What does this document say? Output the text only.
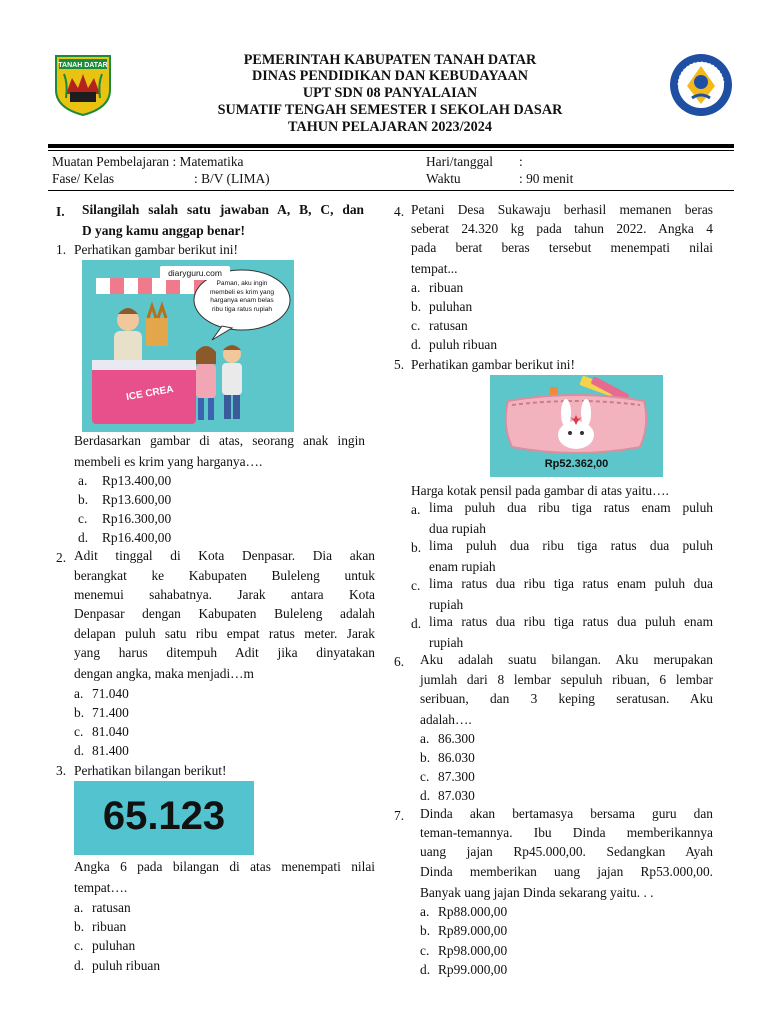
TANAH DATAR	PEMERINTAH KABUPATEN TANAH DATAR
DINAS PENDIDIKAN DAN KEBUDAYAAN
UPT SDN 08 PANYALAIAN
SUMATIF TENGAH SEMESTER I SEKOLAH DASAR
TAHUN PELAJARAN 2023/2024
Muatan Pembelajaran : Matematika
Fase/ Kelas	: B/V (LIMA)
Hari/tanggal :
Waktu	: 90 menit
I. Silangilah salah satu jawaban A, B, C, dan
D yang kamu anggap benar!
1. Perhatikan gambar berikut ini!
diaryguru.com
Paman, aku ingin
membeli es krim yang
harganya enam belas
ribu tiga ratus rupiah
ICE CREA
Berdasarkan gambar di atas, seorang anak ingin
membeli es krim yang harganya….
a. Rp13.400,00
b. Rp13.600,00
c. Rp16.300,00
d. Rp16.400,00
2. Adit tinggal di Kota Denpasar. Dia akan
berangkat ke Kabupaten Buleleng untuk
menemui sahabatnya. Jarak antara Kota
Denpasar dengan Kabupaten Buleleng adalah
delapan puluh satu ribu empat ratus meter. Jarak
yang harus ditempuh Adit jika dinyatakan
dengan angka, maka menjadi…m
a. 71.040
b. 71.400
c. 81.040
d. 81.400
3. Perhatikan bilangan berikut!
65.123
Angka 6 pada bilangan di atas menempati nilai
tempat….
a. ratusan
b. ribuan
c. puluhan
d. puluh ribuan
4. Petani Desa Sukawaju berhasil memanen beras
seberat 24.320 kg pada tahun 2022. Angka 4
pada berat beras tersebut menempati nilai
tempat...
a. ribuan
b. puluhan
c. ratusan
d. puluh ribuan
5. Perhatikan gambar berikut ini!
Rp52.362,00
Harga kotak pensil pada gambar di atas yaitu….
a. lima puluh dua ribu tiga ratus enam puluh
dua rupiah
b. lima puluh dua ribu tiga ratus dua puluh
enam rupiah
c. lima ratus dua ribu tiga ratus enam puluh dua
rupiah
d. lima ratus dua ribu tiga ratus dua puluh enam
rupiah
6. Aku adalah suatu bilangan. Aku merupakan
jumlah dari 8 lembar sepuluh ribuan, 6 lembar
seribuan, dan 3 keping seratusan. Aku
adalah….
a. 86.300
b. 86.030
c. 87.300
d. 87.030
7. Dinda akan bertamasya bersama guru dan
teman-temannya. Ibu Dinda memberikannya
uang jajan Rp45.000,00. Sedangkan Ayah
Dinda memberikan uang jajan Rp53.000,00.
Banyak uang jajan Dinda sekarang yaitu. . .
a. Rp88.000,00
b. Rp89.000,00
c. Rp98.000,00
d. Rp99.000,00
